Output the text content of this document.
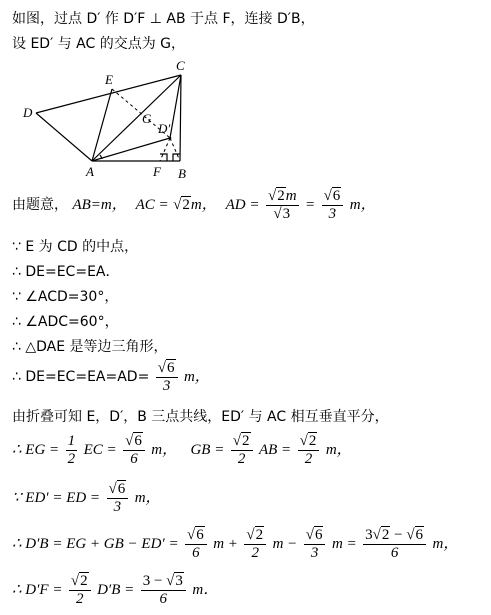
如图，过点 D′ 作 D′F ⊥ AB 于点 F，连接 D′B，
设 ED′ 与 AC 的交点为 G，
C
E
D	G
D′
A	F B
由题意， AB=m， AC = √2m， AD = $\frac{√2m}{√3} = \frac{√6}{3}$ m，
∵ E 为 CD 的中点，
∴ DE=EC=EA．
∵ ∠ACD=30°，
∴ ∠ADC=60°，
∴ △DAE 是等边三角形，
∴ $DE=EC=EA=AD= \frac{√6}{3}$ m，
由折叠可知 E，D′，B 三点共线，ED′ 与 AC 相互垂直平分，
∴ EG = $\frac{1}{2}$ EC = $\frac{√6}{6}$ m， GB = $\frac{√2}{2}$ AB = $\frac{√2}{2}$ m，
∵ ED′ = ED = $\frac{√6}{3}$ m，
∴ D′B = EG + GB − $ED' = \frac{√6}{6}$ $m + \frac{√2}{2}$ $m - \frac{√6}{3}$ $m = \frac{3√2 - √6}{6}$ m，
∴ $D'F = \frac{√2}{2} D'B = \frac{3 - √3}{6}$ m．
